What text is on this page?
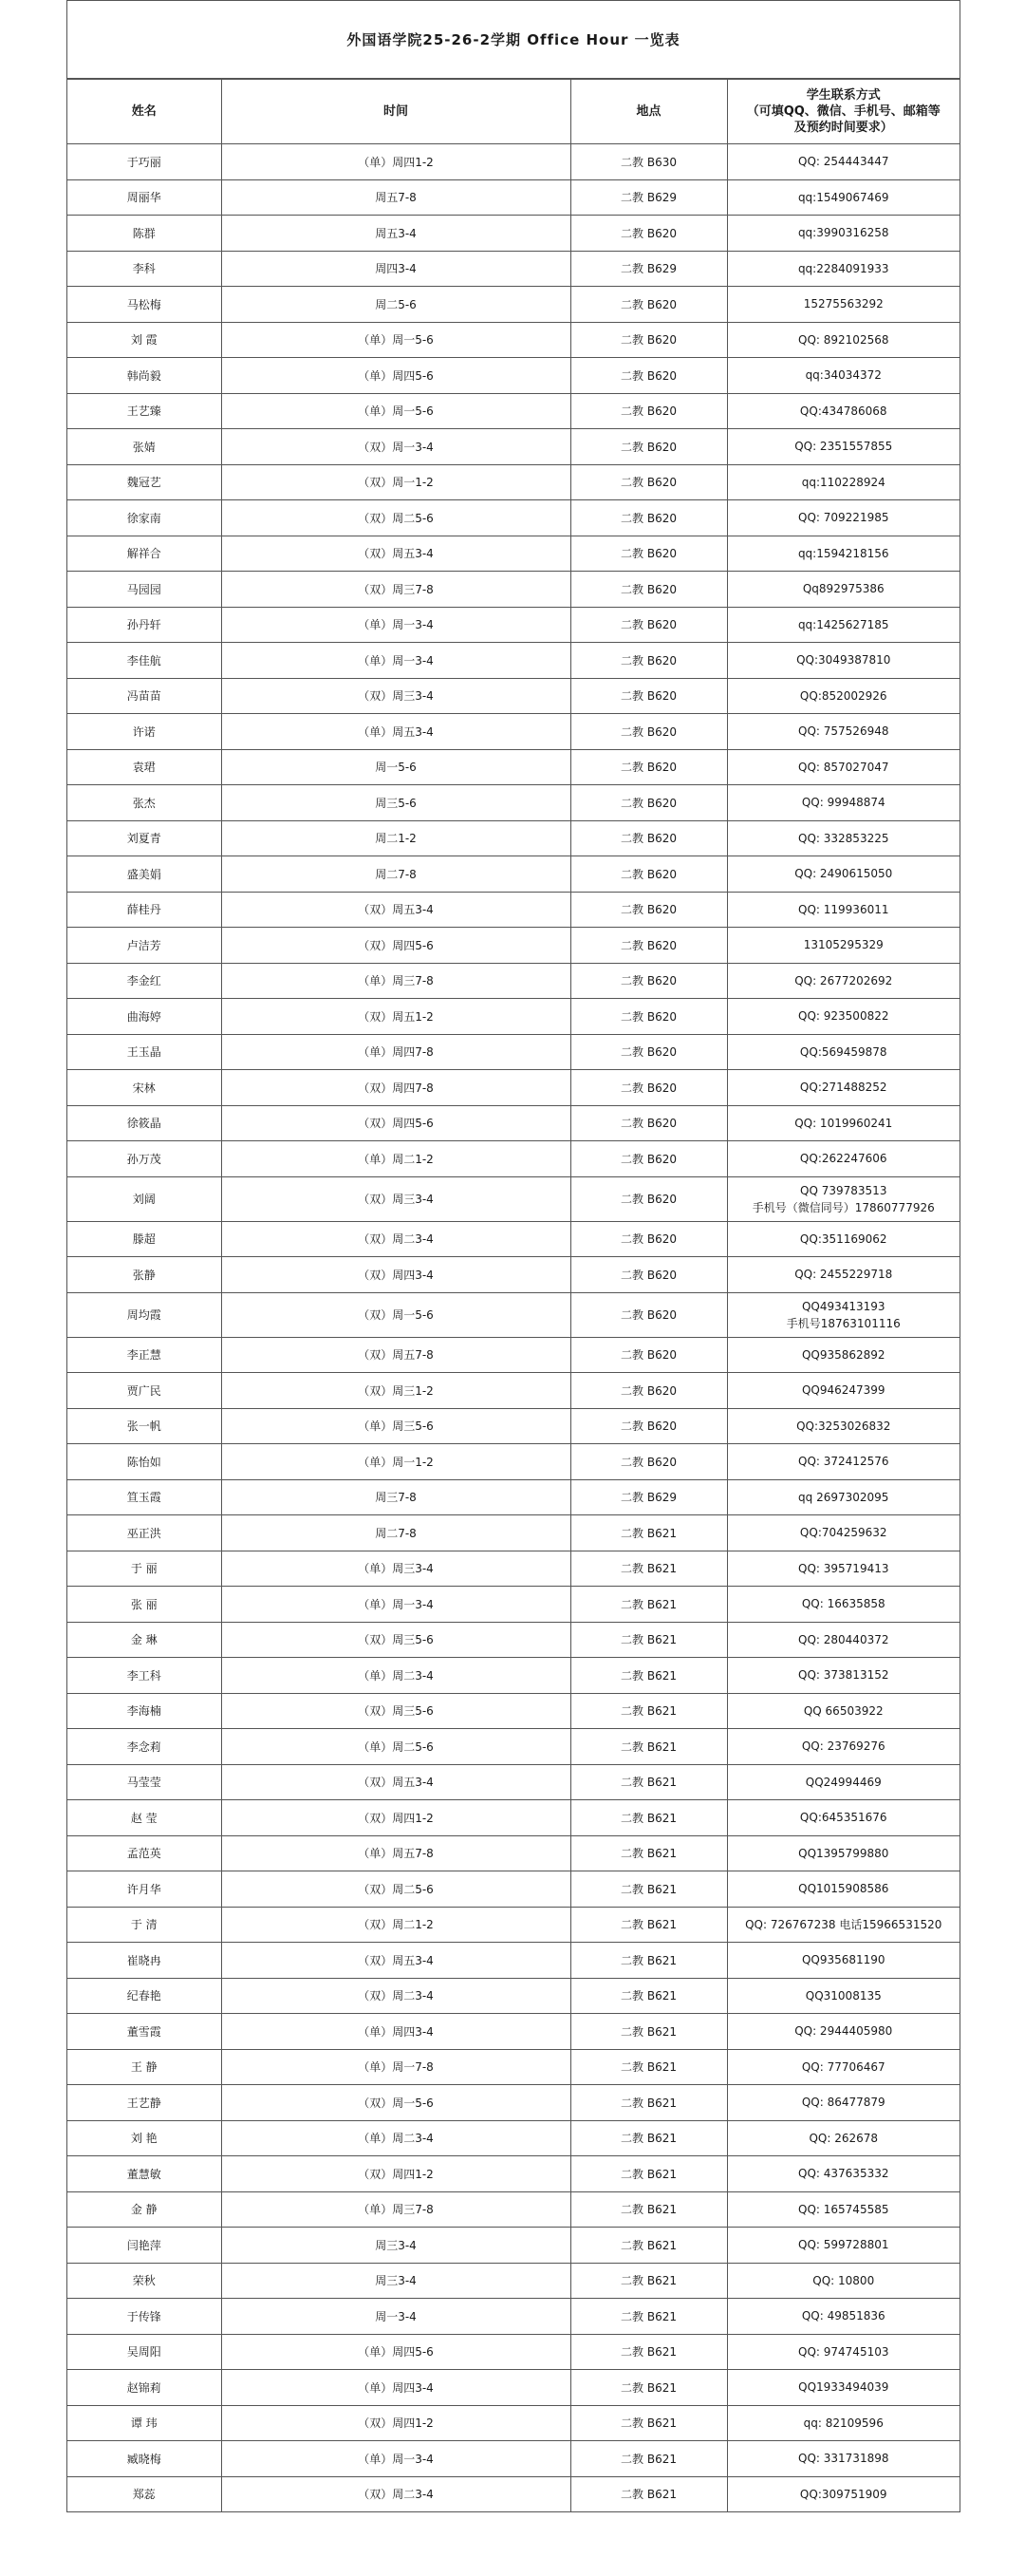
外国语学院25-26-2学期 Office Hour 一览表
姓名	时间	地点	学生联系方式
（可填QQ、微信、手机号、邮箱等
及预约时间要求）

于巧丽	（单）周四1-2	二教 B630	QQ: 254443447

周丽华	周五7-8	二教 B629	qq:1549067469

陈群	周五3-4	二教 B620	qq:3990316258

李科	周四3-4	二教 B629	qq:2284091933

马松梅	周二5-6	二教 B620	15275563292

刘 霞	（单）周一5-6	二教 B620	QQ: 892102568

韩尚毅	（单）周四5-6	二教 B620	qq:34034372

王艺臻	（单）周一5-6	二教 B620	QQ:434786068

张婧	（双）周一3-4	二教 B620	QQ: 2351557855

魏冠艺	（双）周一1-2	二教 B620	qq:110228924

徐家南	（双）周二5-6	二教 B620	QQ: 709221985

解祥合	（双）周五3-4	二教 B620	qq:1594218156

马园园	（双）周三7-8	二教 B620	Qq892975386

孙丹轩	（单）周一3-4	二教 B620	qq:1425627185

李佳航	（单）周一3-4	二教 B620	QQ:3049387810

冯苗苗	（双）周三3-4	二教 B620	QQ:852002926

许诺	（单）周五3-4	二教 B620	QQ: 757526948

袁珺	周一5-6	二教 B620	QQ: 857027047

张杰	周三5-6	二教 B620	QQ: 99948874

刘夏青	周二1-2	二教 B620	QQ: 332853225

盛美娟	周二7-8	二教 B620	QQ: 2490615050

薛桂丹	（双）周五3-4	二教 B620	QQ: 119936011

卢洁芳	（双）周四5-6	二教 B620	13105295329

李金红	（单）周三7-8	二教 B620	QQ: 2677202692

曲海婷	（双）周五1-2	二教 B620	QQ: 923500822

王玉晶	（单）周四7-8	二教 B620	QQ:569459878

宋林	（双）周四7-8	二教 B620	QQ:271488252

徐筱晶	（双）周四5-6	二教 B620	QQ: 1019960241

孙万茂	（单）周二1-2	二教 B620	QQ:262247606

刘阔	（双）周三3-4	二教 B620	QQ 739783513
手机号（微信同号）17860777926

滕超	（双）周二3-4	二教 B620	QQ:351169062

张静	（双）周四3-4	二教 B620	QQ: 2455229718

周均霞	（双）周一5-6	二教 B620	QQ493413193
手机号18763101116

李正慧	（双）周五7-8	二教 B620	QQ935862892

贾广民	（双）周三1-2	二教 B620	QQ946247399

张一帆	（单）周三5-6	二教 B620	QQ:3253026832

陈怡如	（单）周一1-2	二教 B620	QQ: 372412576

笪玉霞	周三7-8	二教 B629	qq 2697302095

巫正洪	周二7-8	二教 B621	QQ:704259632

于 丽	（单）周三3-4	二教 B621	QQ: 395719413

张 丽	（单）周一3-4	二教 B621	QQ: 16635858

金 琳	（双）周三5-6	二教 B621	QQ: 280440372

李工科	（单）周二3-4	二教 B621	QQ: 373813152

李海楠	（双）周三5-6	二教 B621	QQ 66503922

李念莉	（单）周二5-6	二教 B621	QQ: 23769276

马莹莹	（双）周五3-4	二教 B621	QQ24994469

赵 莹	（双）周四1-2	二教 B621	QQ:645351676

孟范英	（单）周五7-8	二教 B621	QQ1395799880

许月华	（双）周二5-6	二教 B621	QQ1015908586

于 清	（双）周二1-2	二教 B621	QQ: 726767238 电话15966531520

崔晓冉	（双）周五3-4	二教 B621	QQ935681190

纪春艳	（双）周二3-4	二教 B621	QQ31008135

董雪霞	（单）周四3-4	二教 B621	QQ: 2944405980

王 静	（单）周一7-8	二教 B621	QQ: 77706467

王艺静	（双）周一5-6	二教 B621	QQ: 86477879

刘 艳	（单）周二3-4	二教 B621	QQ: 262678

董慧敏	（双）周四1-2	二教 B621	QQ: 437635332

金 静	（单）周三7-8	二教 B621	QQ: 165745585

闫艳萍	周三3-4	二教 B621	QQ: 599728801

荣秋	周三3-4	二教 B621	QQ: 10800

于传锋	周一3-4	二教 B621	QQ: 49851836

吴周阳	（单）周四5-6	二教 B621	QQ: 974745103

赵锦莉	（单）周四3-4	二教 B621	QQ1933494039

谭 玮	（双）周四1-2	二教 B621	qq: 82109596

臧晓梅	（单）周一3-4	二教 B621	QQ: 331731898

郑蕊	（双）周二3-4	二教 B621	QQ:309751909
